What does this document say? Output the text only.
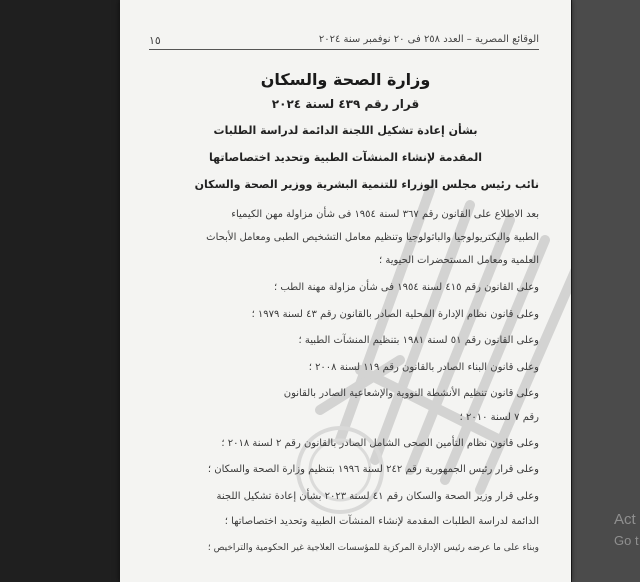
الوقائع المصرية – العدد ٢٥٨ فى ٢٠ نوفمبر سنة ٢٠٢٤
١٥
وزارة الصحة والسكان
قرار رقم ٤٣٩ لسنة ٢٠٢٤
بشأن إعادة تشكيل اللجنة الدائمة لدراسة الطلبات
المقدمة لإنشاء المنشآت الطبية وتحديد اختصاصاتها
نائب رئيس مجلس الوزراء للتنمية البشرية ووزير الصحة والسكان
بعد الاطلاع على القانون رقم ٣٦٧ لسنة ١٩٥٤ فى شأن مزاولة مهن الكيمياء
الطبية والبكتريولوجيا والباثولوجيا وتنظيم معامل التشخيص الطبى ومعامل الأبحاث
العلمية ومعامل المستحضرات الحيوية ؛
وعلى القانون رقم ٤١٥ لسنة ١٩٥٤ فى شأن مزاولة مهنة الطب ؛
وعلى قانون نظام الإدارة المحلية الصادر بالقانون رقم ٤٣ لسنة ١٩٧٩ ؛
وعلى القانون رقم ٥١ لسنة ١٩٨١ بتنظيم المنشآت الطبية ؛
وعلى قانون البناء الصادر بالقانون رقم ١١٩ لسنة ٢٠٠٨ ؛
وعلى قانون تنظيم الأنشطة النووية والإشعاعية الصادر بالقانون
رقم ٧ لسنة ٢٠١٠ ؛
وعلى قانون نظام التأمين الصحى الشامل الصادر بالقانون رقم ٢ لسنة ٢٠١٨ ؛
وعلى قرار رئيس الجمهورية رقم ٢٤٢ لسنة ١٩٩٦ بتنظيم وزارة الصحة والسكان ؛
وعلى قرار وزير الصحة والسكان رقم ٤١ لسنة ٢٠٢٣ بشأن إعادة تشكيل اللجنة
الدائمة لدراسة الطلبات المقدمة لإنشاء المنشآت الطبية وتحديد اختصاصاتها ؛
وبناء على ما عرضه رئيس الإدارة المركزية للمؤسسات العلاجية غير الحكومية والتراخيص ؛
Act
Go t
